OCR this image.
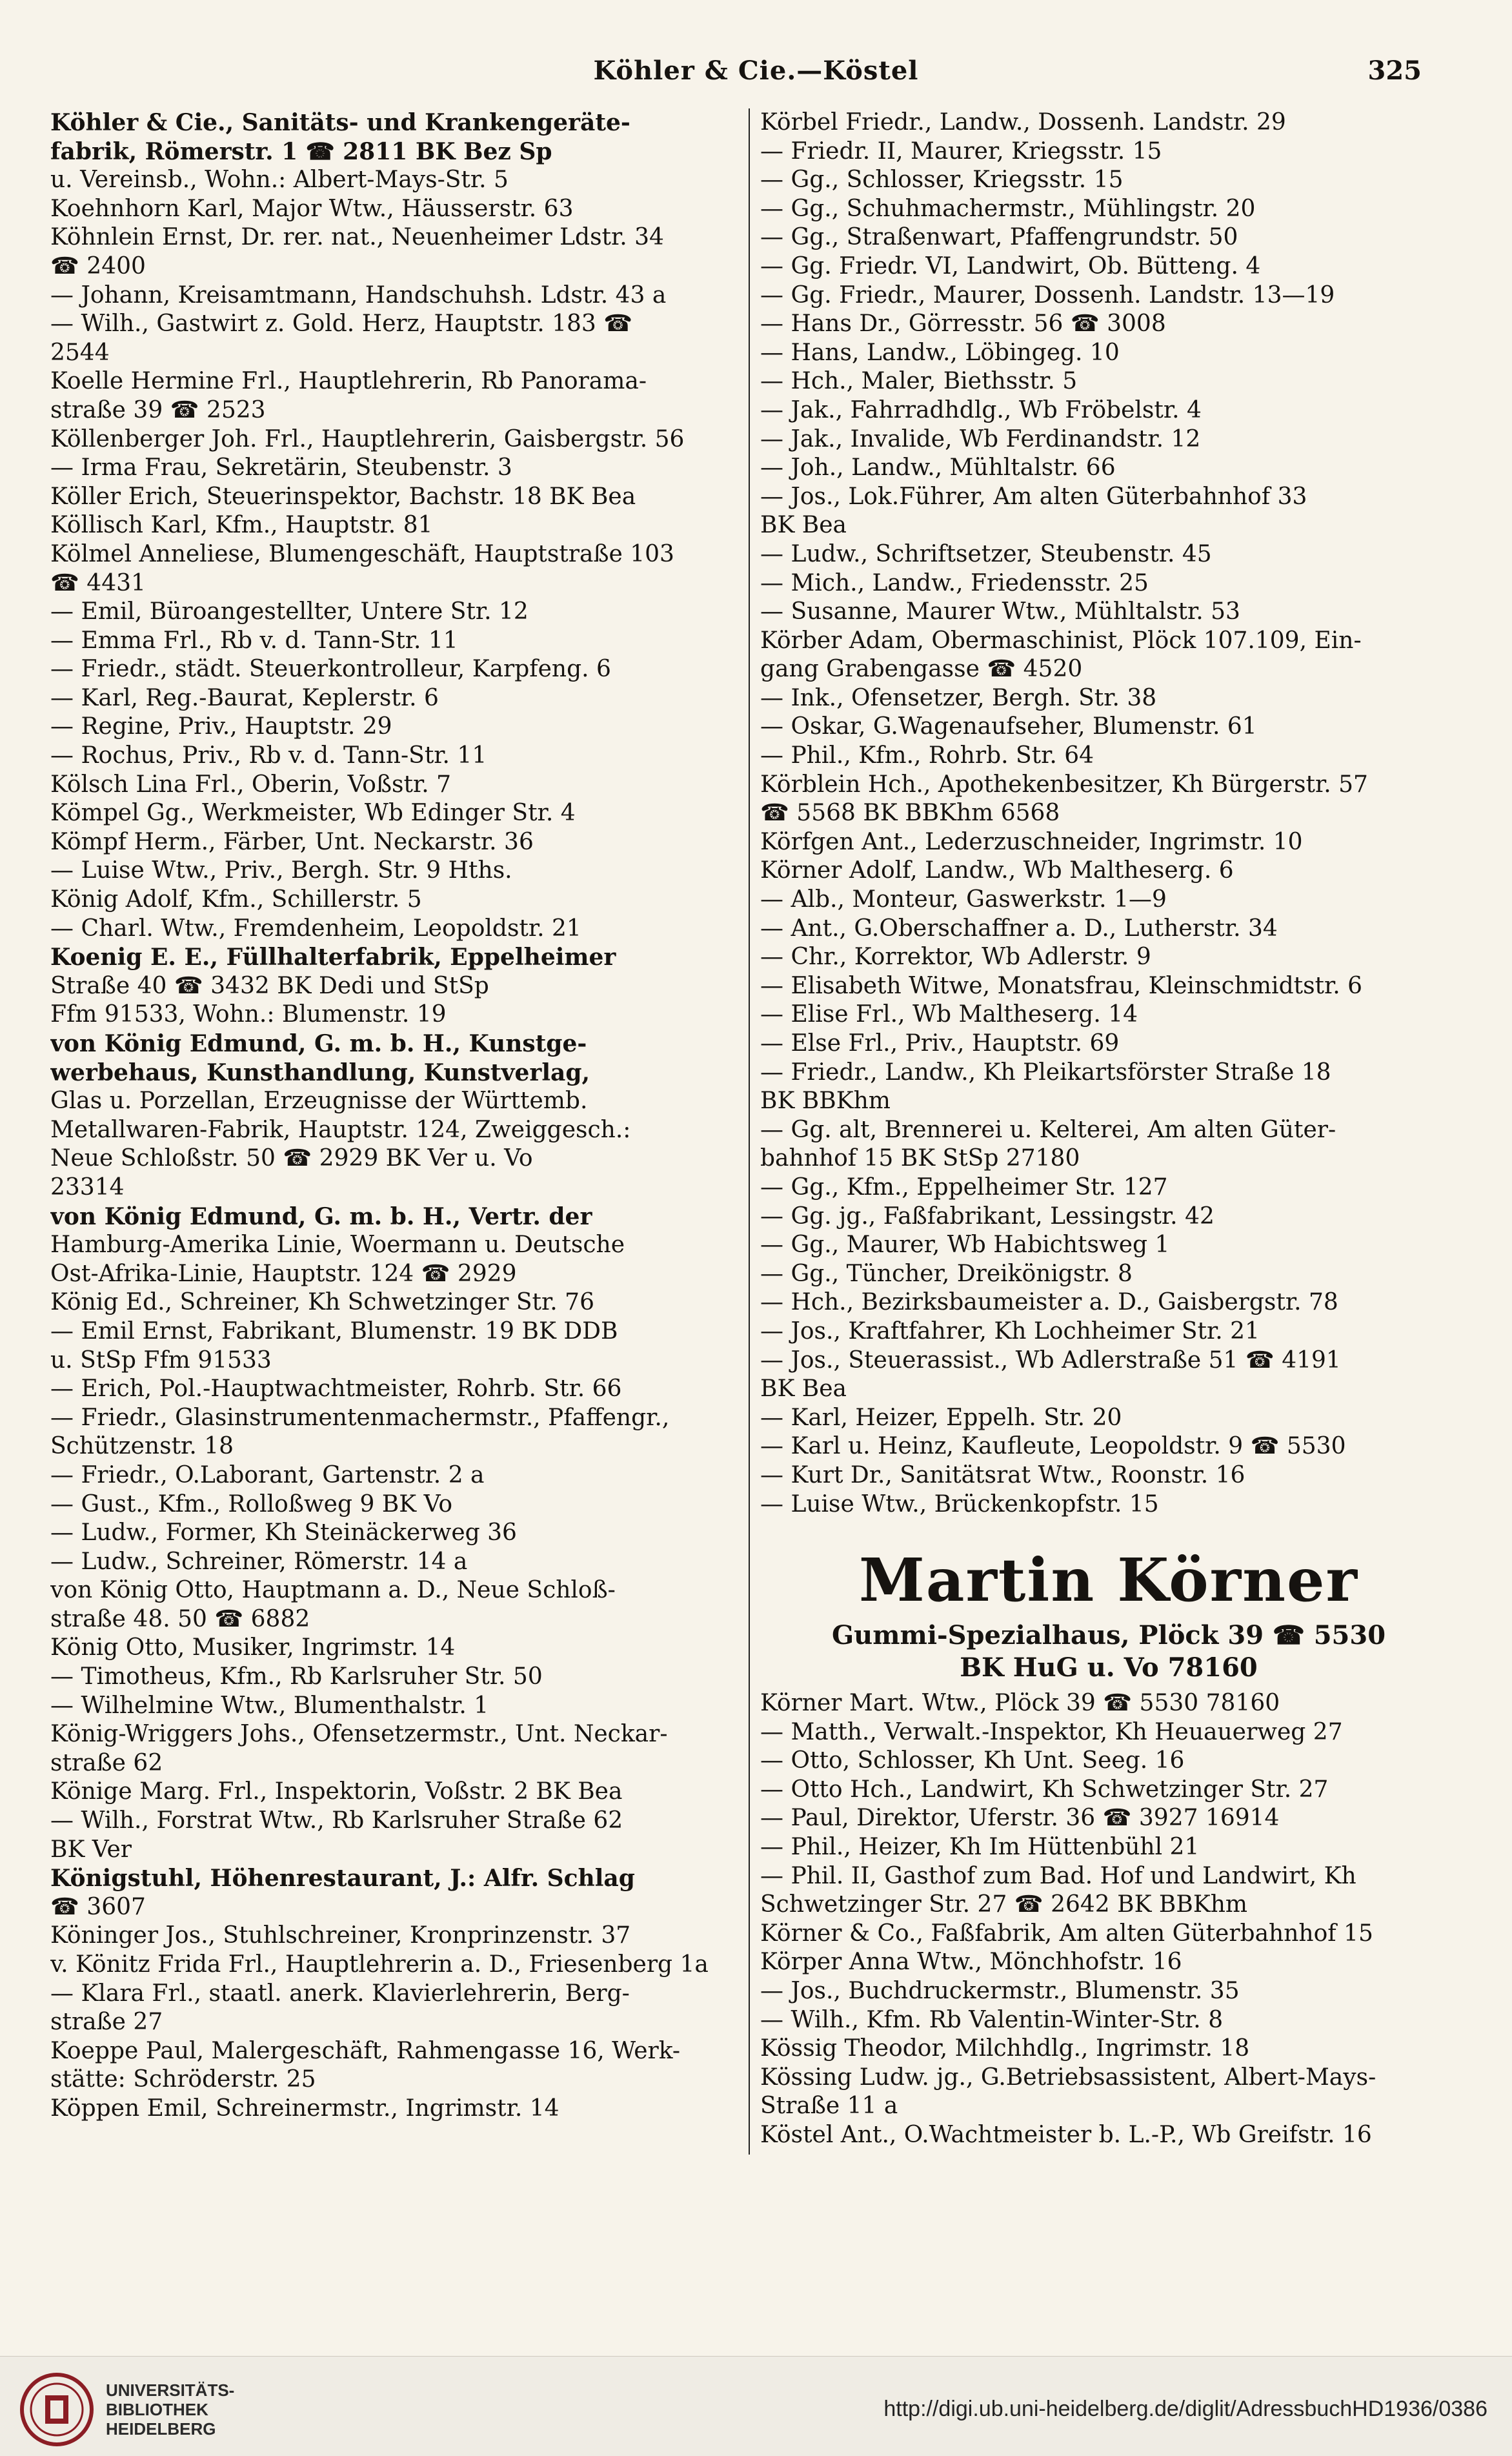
Köhler & Cie.—Köstel	325
Köhler & Cie., Sanitäts- und Krankengeräte-
fabrik, Römerstr. 1 ☎ 2811 BK Bez Sp
u. Vereinsb., Wohn.: Albert-Mays-Str. 5
Koehnhorn Karl, Major Wtw., Häusserstr. 63
Köhnlein Ernst, Dr. rer. nat., Neuenheimer Ldstr. 34
☎ 2400
— Johann, Kreisamtmann, Handschuhsh. Ldstr. 43 a
— Wilh., Gastwirt z. Gold. Herz, Hauptstr. 183 ☎
2544
Koelle Hermine Frl., Hauptlehrerin, Rb Panorama-
straße 39 ☎ 2523
Köllenberger Joh. Frl., Hauptlehrerin, Gaisbergstr. 56
— Irma Frau, Sekretärin, Steubenstr. 3
Köller Erich, Steuerinspektor, Bachstr. 18 BK Bea
Köllisch Karl, Kfm., Hauptstr. 81
Kölmel Anneliese, Blumengeschäft, Hauptstraße 103
☎ 4431
— Emil, Büroangestellter, Untere Str. 12
— Emma Frl., Rb v. d. Tann-Str. 11
— Friedr., städt. Steuerkontrolleur, Karpfeng. 6
— Karl, Reg.-Baurat, Keplerstr. 6
— Regine, Priv., Hauptstr. 29
— Rochus, Priv., Rb v. d. Tann-Str. 11
Kölsch Lina Frl., Oberin, Voßstr. 7
Kömpel Gg., Werkmeister, Wb Edinger Str. 4
Kömpf Herm., Färber, Unt. Neckarstr. 36
— Luise Wtw., Priv., Bergh. Str. 9 Hths.
König Adolf, Kfm., Schillerstr. 5
— Charl. Wtw., Fremdenheim, Leopoldstr. 21
Koenig E. E., Füllhalterfabrik, Eppelheimer
Straße 40 ☎ 3432 BK Dedi und StSp
Ffm 91533, Wohn.: Blumenstr. 19
von König Edmund, G. m. b. H., Kunstge-
werbehaus, Kunsthandlung, Kunstverlag,
Glas u. Porzellan, Erzeugnisse der Württemb.
Metallwaren-Fabrik, Hauptstr. 124, Zweiggesch.:
Neue Schloßstr. 50 ☎ 2929 BK Ver u. Vo
23314
von König Edmund, G. m. b. H., Vertr. der
Hamburg-Amerika Linie, Woermann u. Deutsche
Ost-Afrika-Linie, Hauptstr. 124 ☎ 2929
König Ed., Schreiner, Kh Schwetzinger Str. 76
— Emil Ernst, Fabrikant, Blumenstr. 19 BK DDB
u. StSp Ffm 91533
— Erich, Pol.-Hauptwachtmeister, Rohrb. Str. 66
— Friedr., Glasinstrumentenmachermstr., Pfaffengr.,
Schützenstr. 18
— Friedr., O.Laborant, Gartenstr. 2 a
— Gust., Kfm., Rolloßweg 9 BK Vo
— Ludw., Former, Kh Steinäckerweg 36
— Ludw., Schreiner, Römerstr. 14 a
von König Otto, Hauptmann a. D., Neue Schloß-
straße 48. 50 ☎ 6882
König Otto, Musiker, Ingrimstr. 14
— Timotheus, Kfm., Rb Karlsruher Str. 50
— Wilhelmine Wtw., Blumenthalstr. 1
König-Wriggers Johs., Ofensetzermstr., Unt. Neckar-
straße 62
Könige Marg. Frl., Inspektorin, Voßstr. 2 BK Bea
— Wilh., Forstrat Wtw., Rb Karlsruher Straße 62
BK Ver
Königstuhl, Höhenrestaurant, J.: Alfr. Schlag
☎ 3607
Köninger Jos., Stuhlschreiner, Kronprinzenstr. 37
v. Könitz Frida Frl., Hauptlehrerin a. D., Friesenberg 1a
— Klara Frl., staatl. anerk. Klavierlehrerin, Berg-
straße 27
Koeppe Paul, Malergeschäft, Rahmengasse 16, Werk-
stätte: Schröderstr. 25
Köppen Emil, Schreinermstr., Ingrimstr. 14
Körbel Friedr., Landw., Dossenh. Landstr. 29
— Friedr. II, Maurer, Kriegsstr. 15
— Gg., Schlosser, Kriegsstr. 15
— Gg., Schuhmachermstr., Mühlingstr. 20
— Gg., Straßenwart, Pfaffengrundstr. 50
— Gg. Friedr. VI, Landwirt, Ob. Bütteng. 4
— Gg. Friedr., Maurer, Dossenh. Landstr. 13—19
— Hans Dr., Görresstr. 56 ☎ 3008
— Hans, Landw., Löbingeg. 10
— Hch., Maler, Biethsstr. 5
— Jak., Fahrradhdlg., Wb Fröbelstr. 4
— Jak., Invalide, Wb Ferdinandstr. 12
— Joh., Landw., Mühltalstr. 66
— Jos., Lok.Führer, Am alten Güterbahnhof 33
BK Bea
— Ludw., Schriftsetzer, Steubenstr. 45
— Mich., Landw., Friedensstr. 25
— Susanne, Maurer Wtw., Mühltalstr. 53
Körber Adam, Obermaschinist, Plöck 107.109, Ein-
gang Grabengasse ☎ 4520
— Ink., Ofensetzer, Bergh. Str. 38
— Oskar, G.Wagenaufseher, Blumenstr. 61
— Phil., Kfm., Rohrb. Str. 64
Körblein Hch., Apothekenbesitzer, Kh Bürgerstr. 57
☎ 5568 BK BBKhm 6568
Körfgen Ant., Lederzuschneider, Ingrimstr. 10
Körner Adolf, Landw., Wb Maltheserg. 6
— Alb., Monteur, Gaswerkstr. 1—9
— Ant., G.Oberschaffner a. D., Lutherstr. 34
— Chr., Korrektor, Wb Adlerstr. 9
— Elisabeth Witwe, Monatsfrau, Kleinschmidtstr. 6
— Elise Frl., Wb Maltheserg. 14
— Else Frl., Priv., Hauptstr. 69
— Friedr., Landw., Kh Pleikartsförster Straße 18
BK BBKhm
— Gg. alt, Brennerei u. Kelterei, Am alten Güter-
bahnhof 15 BK StSp 27180
— Gg., Kfm., Eppelheimer Str. 127
— Gg. jg., Faßfabrikant, Lessingstr. 42
— Gg., Maurer, Wb Habichtsweg 1
— Gg., Tüncher, Dreikönigstr. 8
— Hch., Bezirksbaumeister a. D., Gaisbergstr. 78
— Jos., Kraftfahrer, Kh Lochheimer Str. 21
— Jos., Steuerassist., Wb Adlerstraße 51 ☎ 4191
BK Bea
— Karl, Heizer, Eppelh. Str. 20
— Karl u. Heinz, Kaufleute, Leopoldstr. 9 ☎ 5530
— Kurt Dr., Sanitätsrat Wtw., Roonstr. 16
— Luise Wtw., Brückenkopfstr. 15
Martin Körner
Gummi-Spezialhaus, Plöck 39 ☎ 5530
BK HuG u. Vo 78160
Körner Mart. Wtw., Plöck 39 ☎ 5530 78160
— Matth., Verwalt.-Inspektor, Kh Heuauerweg 27
— Otto, Schlosser, Kh Unt. Seeg. 16
— Otto Hch., Landwirt, Kh Schwetzinger Str. 27
— Paul, Direktor, Uferstr. 36 ☎ 3927 16914
— Phil., Heizer, Kh Im Hüttenbühl 21
— Phil. II, Gasthof zum Bad. Hof und Landwirt, Kh
Schwetzinger Str. 27 ☎ 2642 BK BBKhm
Körner & Co., Faßfabrik, Am alten Güterbahnhof 15
Körper Anna Wtw., Mönchhofstr. 16
— Jos., Buchdruckermstr., Blumenstr. 35
— Wilh., Kfm. Rb Valentin-Winter-Str. 8
Kössig Theodor, Milchhdlg., Ingrimstr. 18
Kössing Ludw. jg., G.Betriebsassistent, Albert-Mays-
Straße 11 a
Köstel Ant., O.Wachtmeister b. L.-P., Wb Greifstr. 16
UNIVERSITÄTS-
BIBLIOTHEK
HEIDELBERG
http://digi.ub.uni-heidelberg.de/diglit/AdressbuchHD1936/0386
